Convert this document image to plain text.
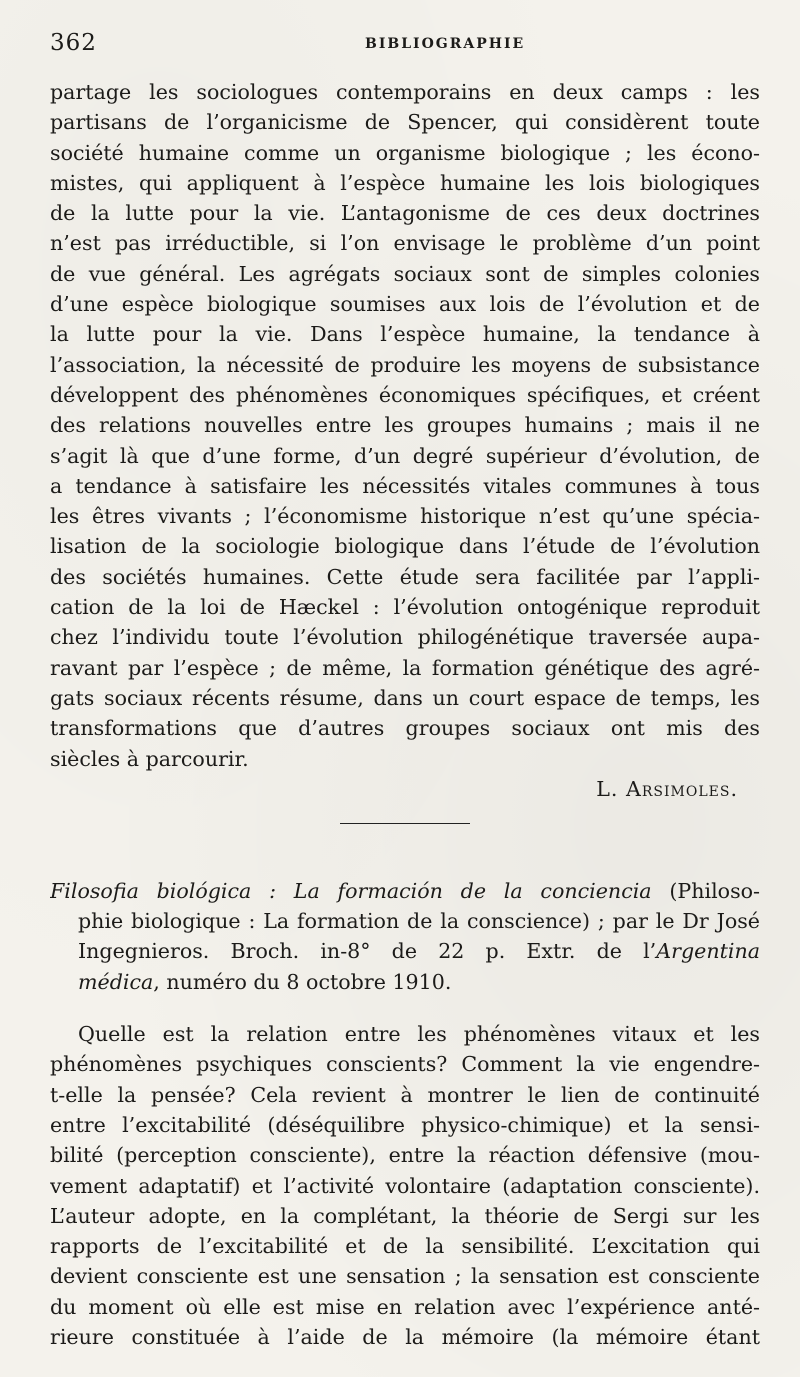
362	BIBLIOGRAPHIE
partage les sociologues contemporains en deux camps : les
partisans de l’organicisme de Spencer, qui considèrent toute
société humaine comme un organisme biologique ; les écono-
mistes, qui appliquent à l’espèce humaine les lois biologiques
de la lutte pour la vie. L’antagonisme de ces deux doctrines
n’est pas irréductible, si l’on envisage le problème d’un point
de vue général. Les agrégats sociaux sont de simples colonies
d’une espèce biologique soumises aux lois de l’évolution et de
la lutte pour la vie. Dans l’espèce humaine, la tendance à
l’association, la nécessité de produire les moyens de subsistance
développent des phénomènes économiques spécifiques, et créent
des relations nouvelles entre les groupes humains ; mais il ne
s’agit là que d’une forme, d’un degré supérieur d’évolution, de
a tendance à satisfaire les nécessités vitales communes à tous
les êtres vivants ; l’économisme historique n’est qu’une spécia-
lisation de la sociologie biologique dans l’étude de l’évolution
des sociétés humaines. Cette étude sera facilitée par l’appli-
cation de la loi de Hæckel : l’évolution ontogénique reproduit
chez l’individu toute l’évolution philogénétique traversée aupa-
ravant par l’espèce ; de même, la formation génétique des agré-
gats sociaux récents résume, dans un court espace de temps, les
transformations que d’autres groupes sociaux ont mis des
siècles à parcourir.
L. Arsimoles.
Filosofia biológica : La formación de la conciencia (Philoso-
phie biologique : La formation de la conscience) ; par le Dr José
Ingegnieros. Broch. in-8° de 22 p. Extr. de l’Argentina
médica, numéro du 8 octobre 1910.
Quelle est la relation entre les phénomènes vitaux et les
phénomènes psychiques conscients? Comment la vie engendre-
t-elle la pensée? Cela revient à montrer le lien de continuité
entre l’excitabilité (déséquilibre physico-chimique) et la sensi-
bilité (perception consciente), entre la réaction défensive (mou-
vement adaptatif) et l’activité volontaire (adaptation consciente).
L’auteur adopte, en la complétant, la théorie de Sergi sur les
rapports de l’excitabilité et de la sensibilité. L’excitation qui
devient consciente est une sensation ; la sensation est consciente
du moment où elle est mise en relation avec l’expérience anté-
rieure constituée à l’aide de la mémoire (la mémoire étant
